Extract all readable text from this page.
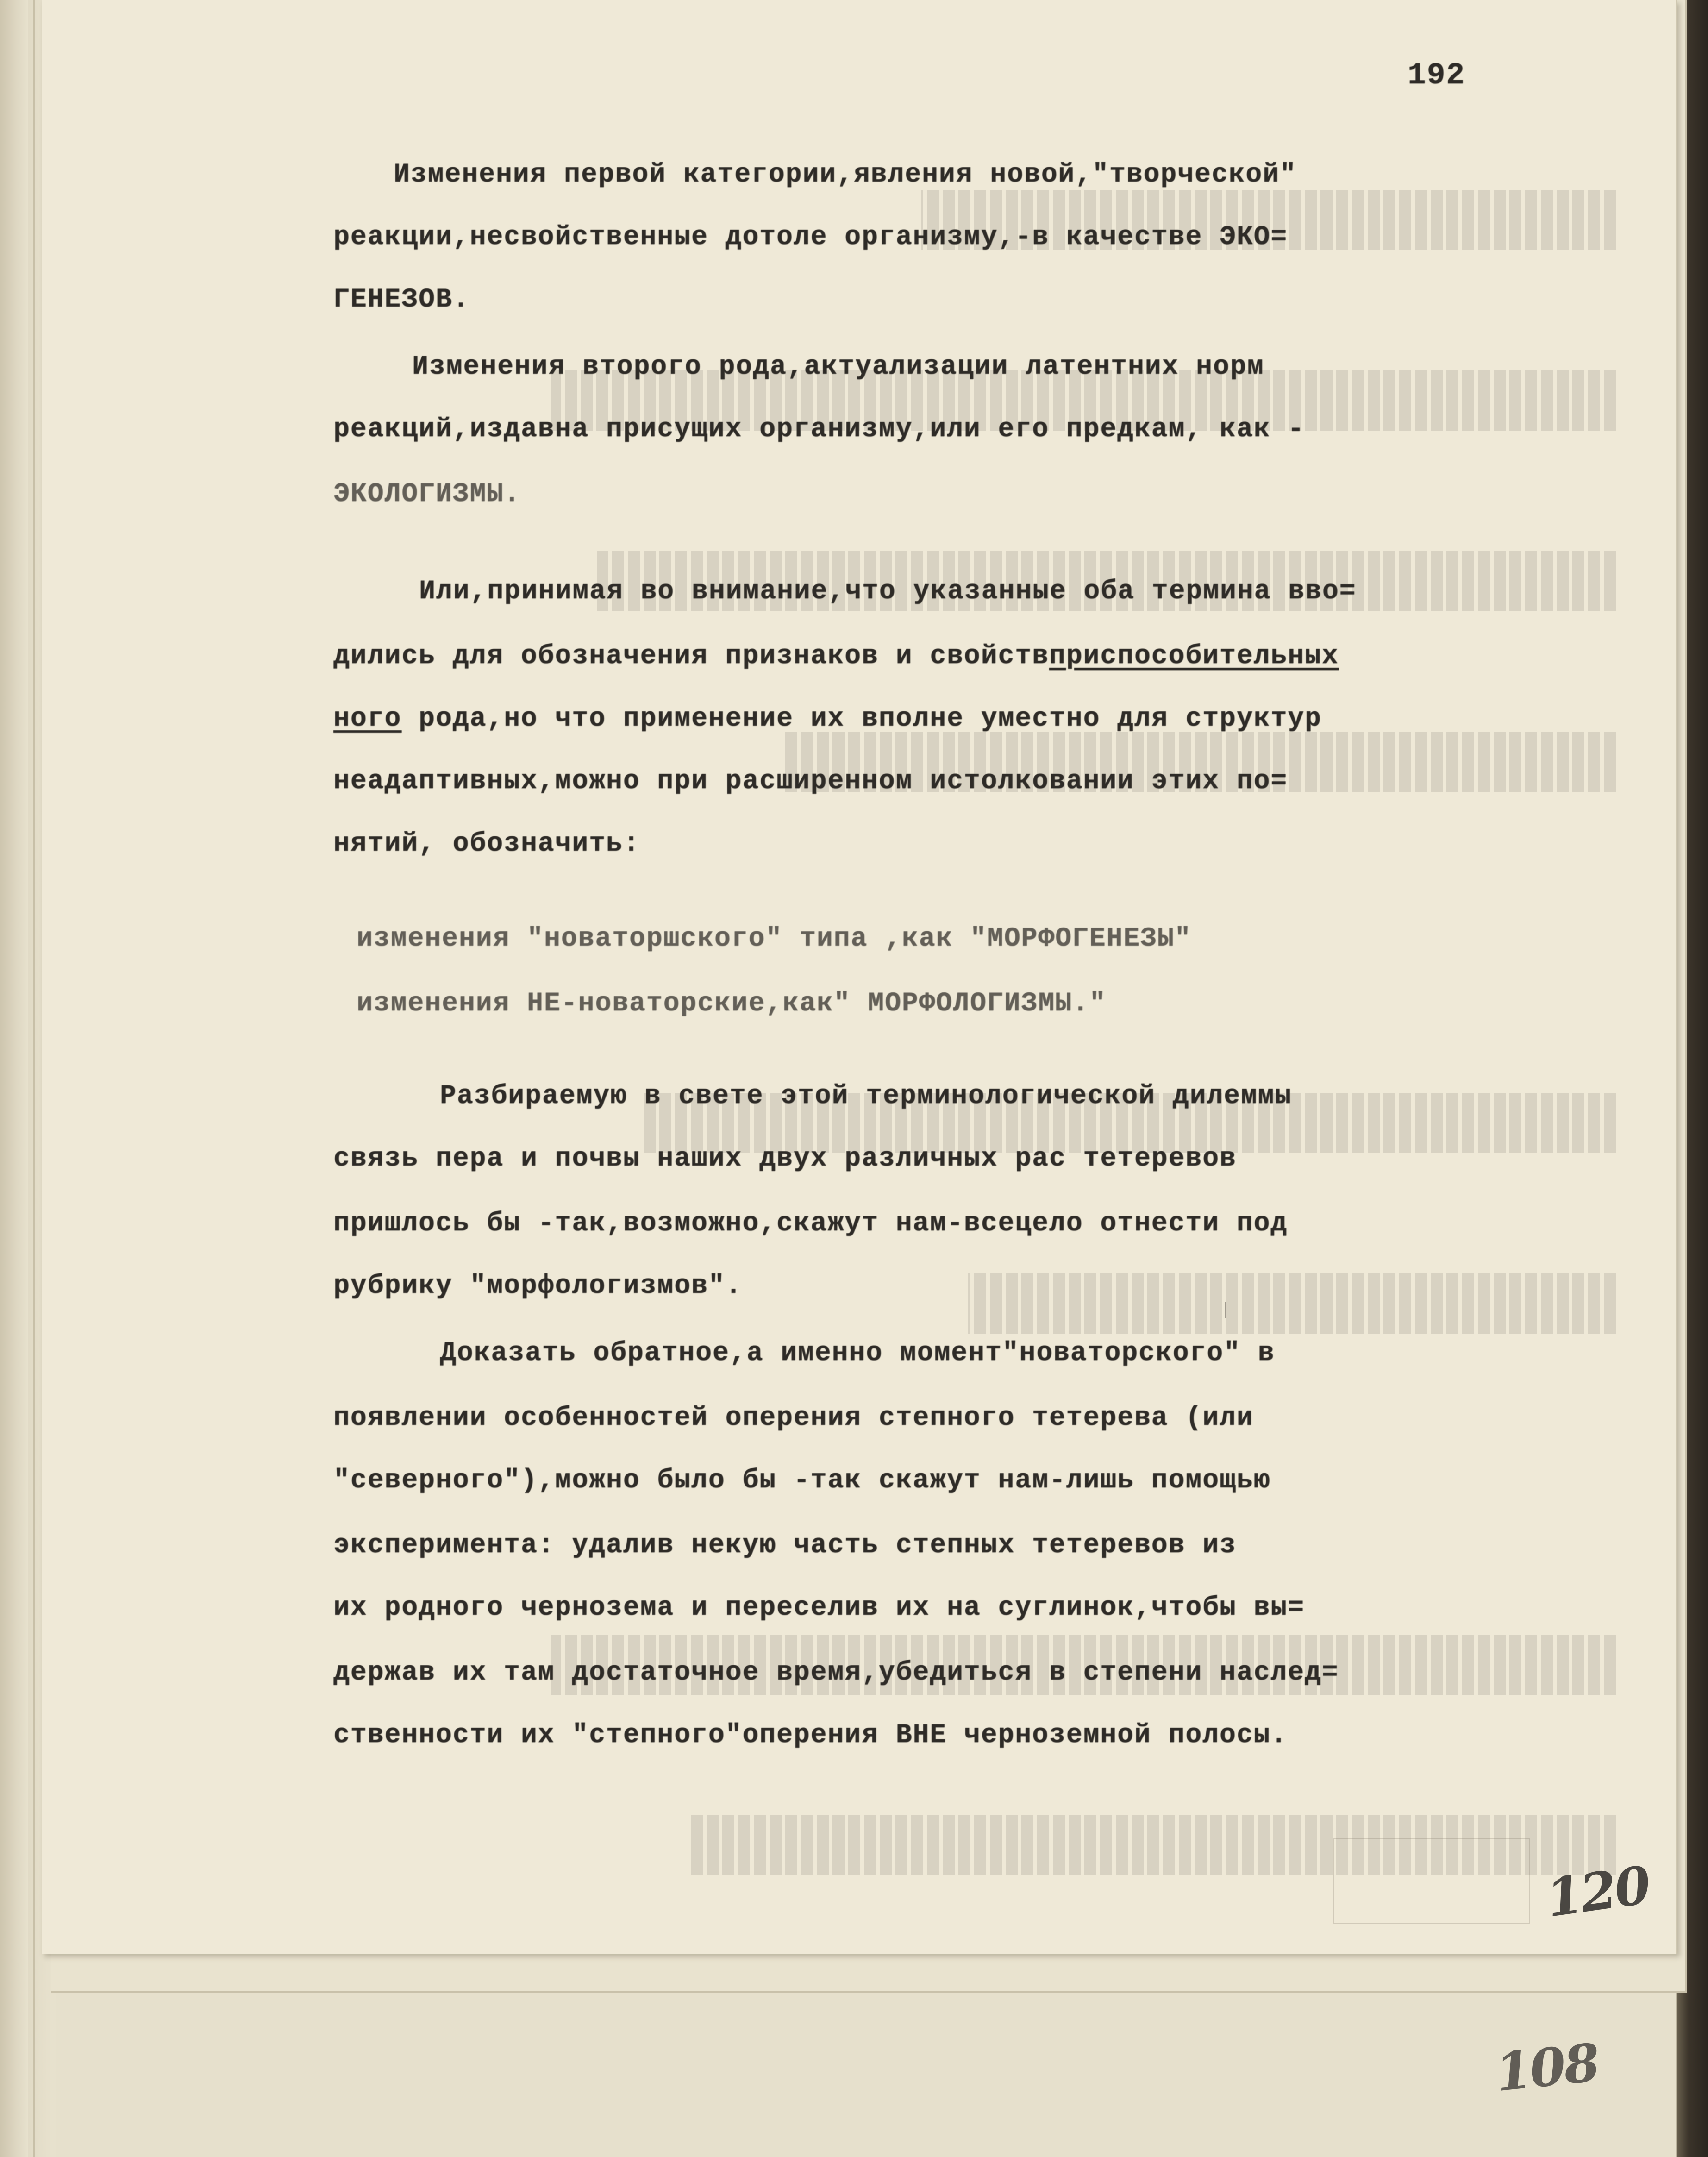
192
Изменения первой категории,явления новой,"творческой"
реакции,несвойственные дотоле организму,-в качестве ЭКО=
ГЕНЕЗОВ.
Изменения второго рода,актуализации латентних норм
реакций,издавна присущих организму,или его предкам, как -
ЭКОЛОГИЗМЫ.
Или,принимая во внимание,что указанные оба термина вво=
дились для обозначения признаков и свойствприспособительных
ного рода,но что применение их вполне уместно для структур
неадаптивных,можно при расширенном истолковании этих по=
нятий, обозначить:
изменения "новаторшского" типа ,как "МОРФОГЕНЕЗЫ"
изменения НЕ-новаторские,как" МОРФОЛОГИЗМЫ."
Разбираемую в свете этой терминологической дилеммы
связь пера и почвы наших двух различных рас тетеревов
пришлось бы -так,возможно,скажут нам-всецело отнести под
рубрику "морфологизмов".
Доказать обратное,а именно момент"новаторского" в
появлении особенностей оперения степного тетерева (или
"северного"),можно было бы -так скажут нам-лишь помощью
эксперимента: удалив некую часть степных тетеревов из
их родного чернозема и переселив их на суглинок,чтобы вы=
держав их там достаточное время,убедиться в степени наслед=
ственности их "степного"оперения ВНЕ черноземной полосы.
120
108
